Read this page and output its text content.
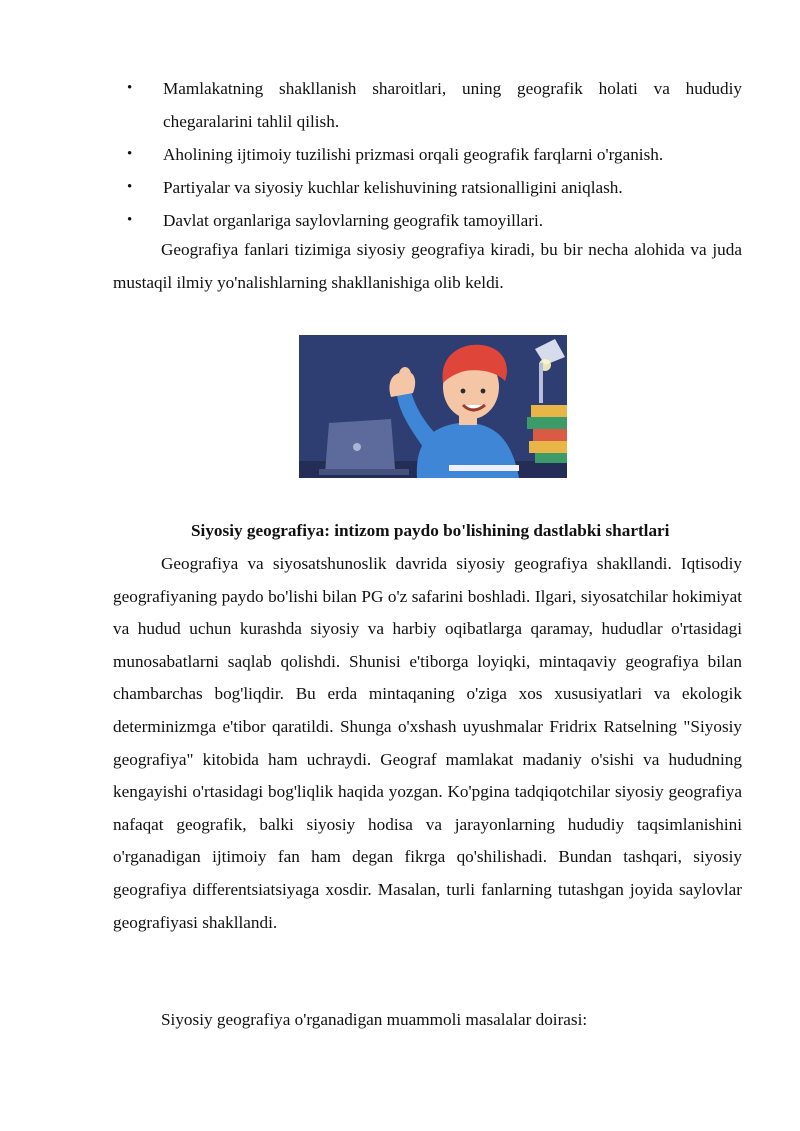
• Mamlakatning shakllanish sharoitlari, uning geografik holati va hududiy chegaralarini tahlil qilish.
• Aholining ijtimoiy tuzilishi prizmasi orqali geografik farqlarni o'rganish.
• Partiyalar va siyosiy kuchlar kelishuvining ratsionalligini aniqlash.
• Davlat organlariga saylovlarning geografik tamoyillari.

Geografiya fanlari tizimiga siyosiy geografiya kiradi, bu bir necha alohida va juda mustaqil ilmiy yo'nalishlarning shakllanishiga olib keldi.

Siyosiy geografiya: intizom paydo bo'lishining dastlabki shartlari

Geografiya va siyosatshunoslik davrida siyosiy geografiya shakllandi. Iqtisodiy geografiyaning paydo bo'lishi bilan PG o'z safarini boshladi. Ilgari, siyosatchilar hokimiyat va hudud uchun kurashda siyosiy va harbiy oqibatlarga qaramay, hududlar o'rtasidagi munosabatlarni saqlab qolishdi. Shunisi e'tiborga loyiqki, mintaqaviy geografiya bilan chambarchas bog'liqdir. Bu erda mintaqaning o'ziga xos xususiyatlari va ekologik determinizmga e'tibor qaratildi. Shunga o'xshash uyushmalar Fridrix Ratselning "Siyosiy geografiya" kitobida ham uchraydi. Geograf mamlakat madaniy o'sishi va hududning kengayishi o'rtasidagi bog'liqlik haqida yozgan. Ko'pgina tadqiqotchilar siyosiy geografiya nafaqat geografik, balki siyosiy hodisa va jarayonlarning hududiy taqsimlanishini o'rganadigan ijtimoiy fan ham degan fikrga qo'shilishadi. Bundan tashqari, siyosiy geografiya differentsiatsiyaga xosdir. Masalan, turli fanlarning tutashgan joyida saylovlar geografiyasi shakllandi.

Siyosiy geografiya o'rganadigan muammoli masalalar doirasi:
